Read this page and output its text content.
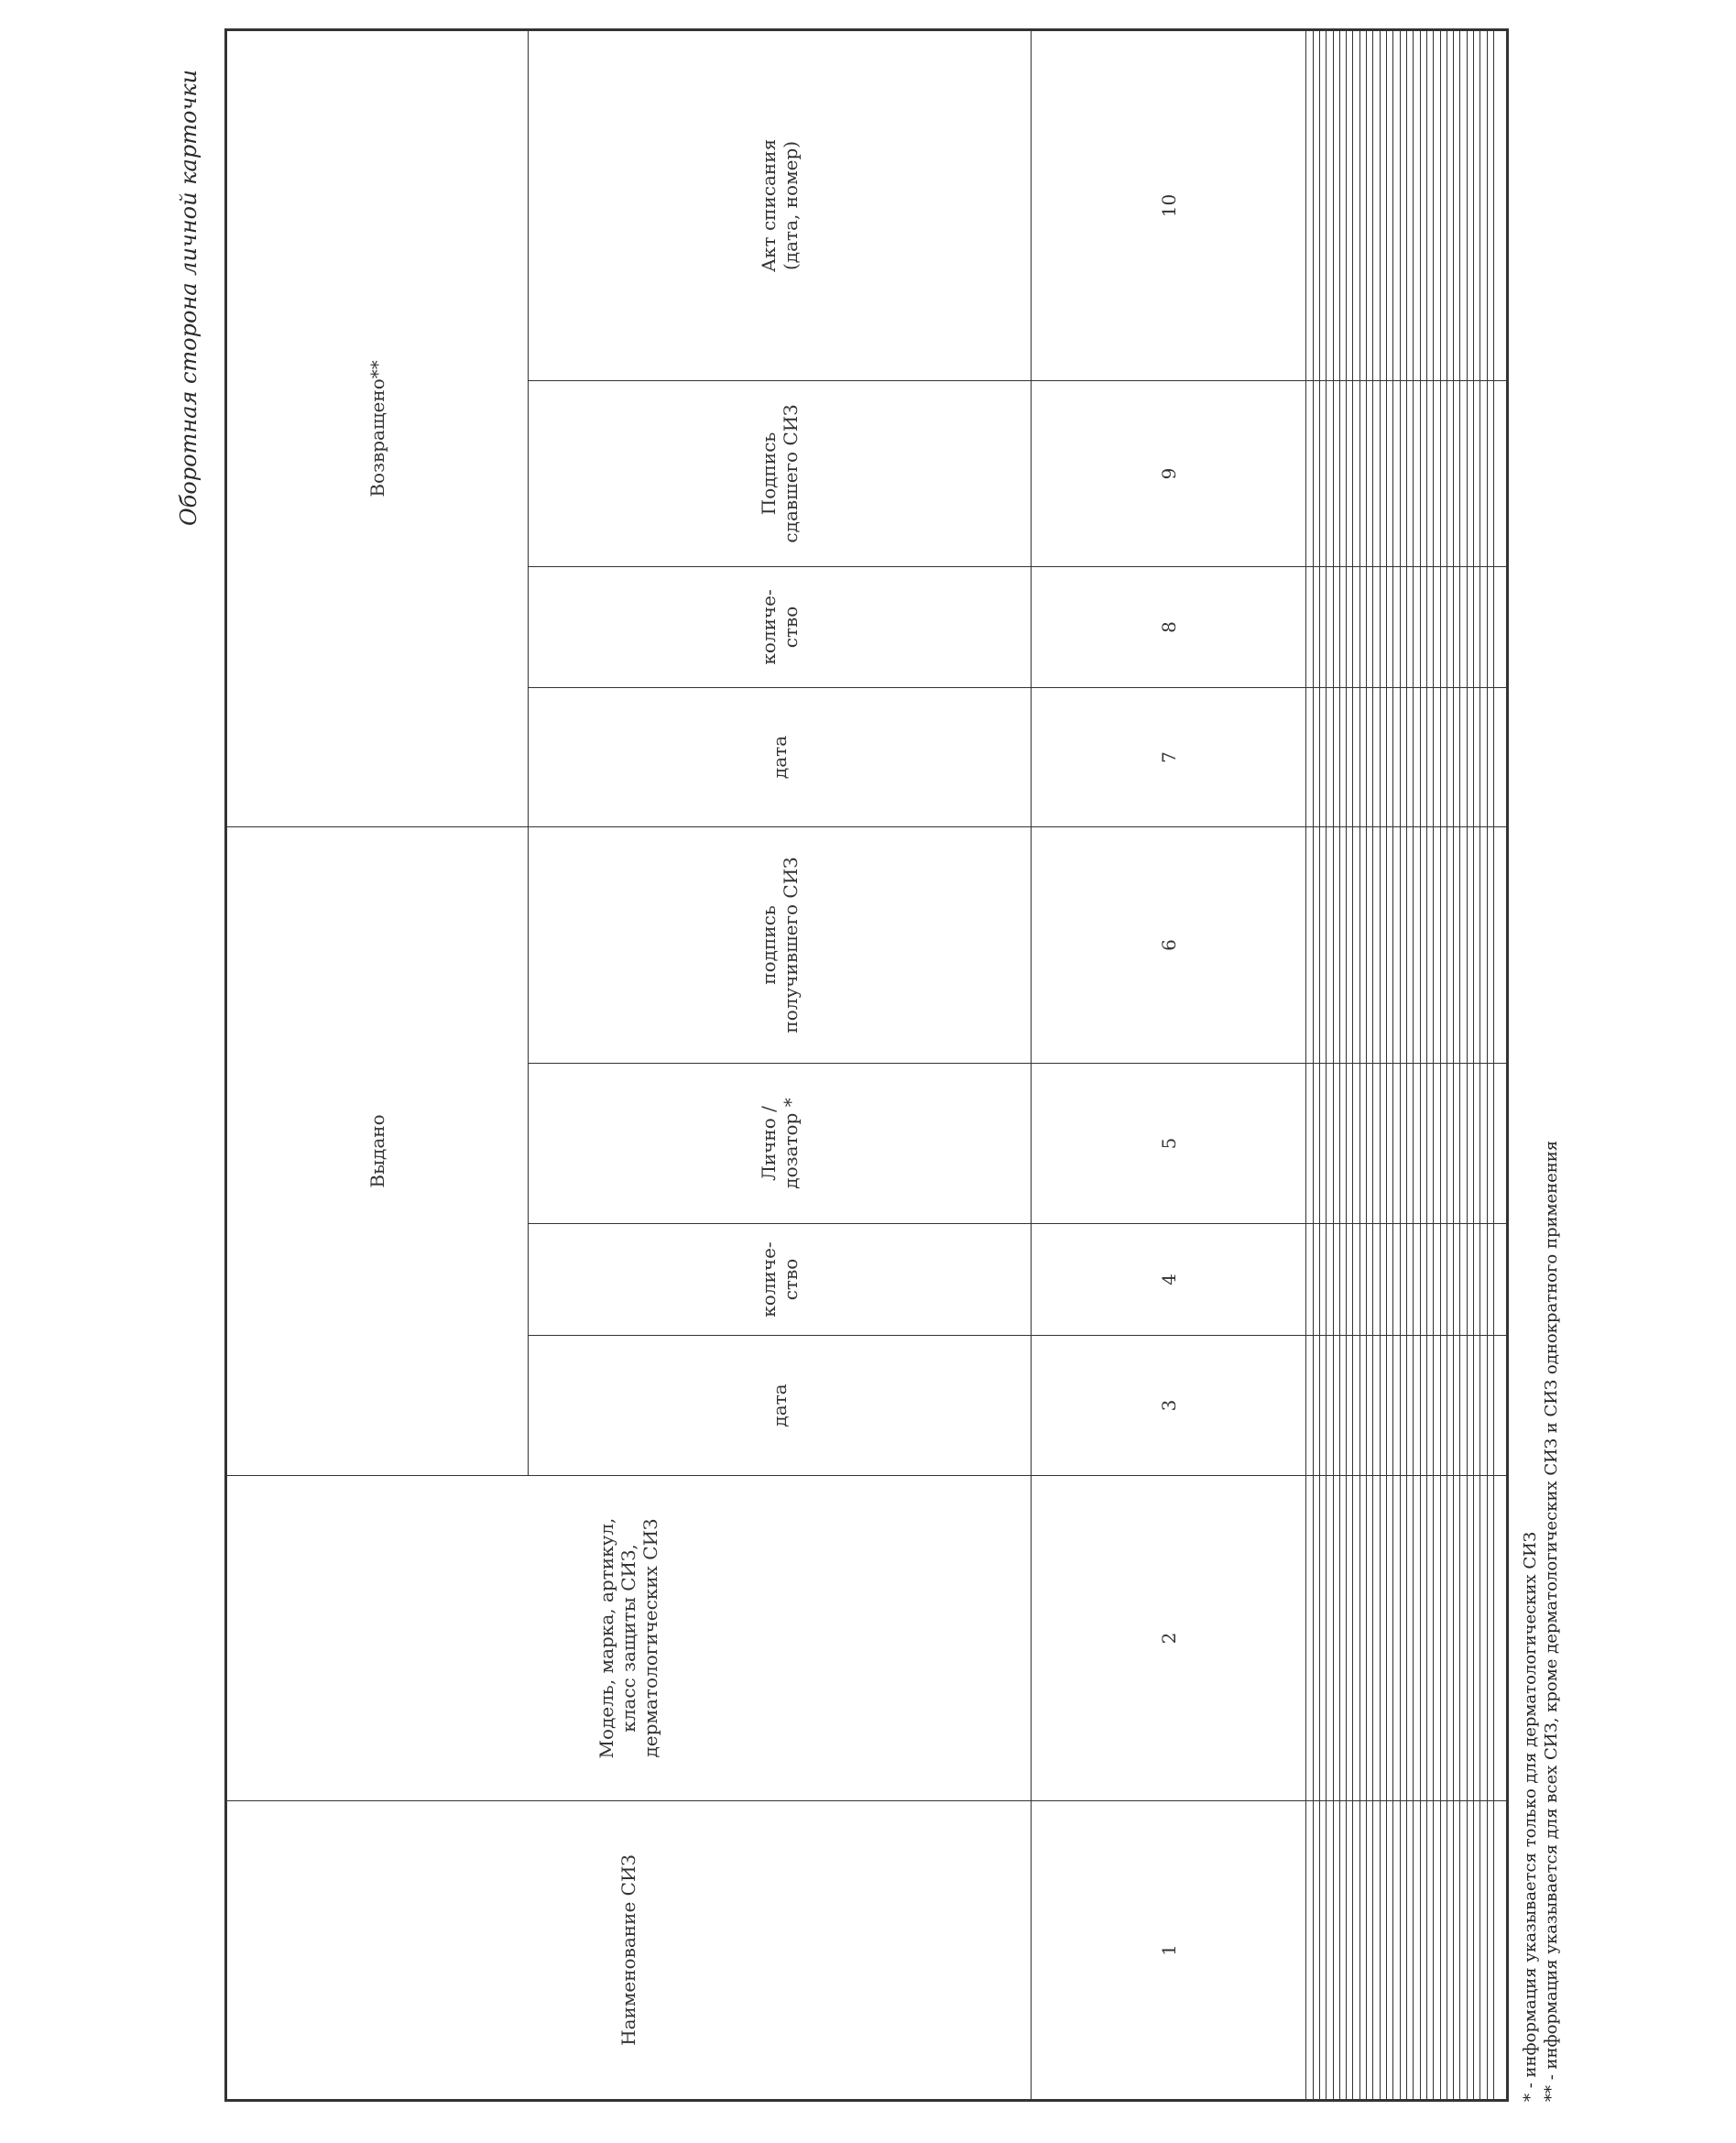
Оборотная сторона личной карточки
Наименование СИЗ	Модель, марка, артикул, класс защиты СИЗ, дерматологических СИЗ	Выдано				Возвращено**			
		дата	количе-ство	Лично / дозатор *	подпись получившего СИЗ	дата	количе-ство	Подпись сдавшего СИЗ	Акт списания (дата, номер)
1	2	3	4	5	6	7	8	9	10

* - информация указывается только для дерматологических СИЗ ** - информация указывается для всех СИЗ, кроме дерматологических СИЗ и СИЗ однократного применения
